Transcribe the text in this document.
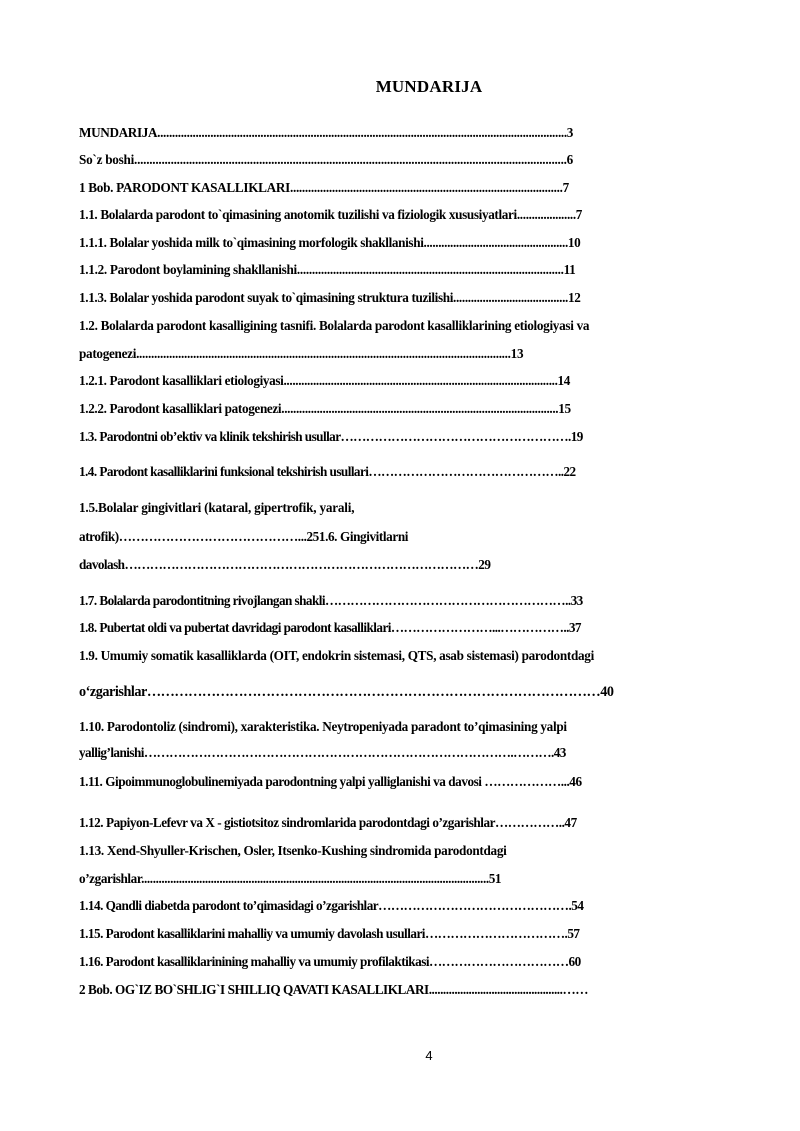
MUNDARIJA
MUNDARIJA...........................................................................................................................................3
So`z boshi..............................................................................................................................................6
1 Bob. PARODONT KASALLIKLARI...........................................................................................7
1.1. Bolalarda parodont to`qimasining anotomik tuzilishi va fiziologik xususiyatlari....................7
1.1.1. Bolalar yoshida milk to`qimasining morfologik shakllanishi.................................................10
1.1.2. Parodont boylamining shakllanishi.........................................................................................11
1.1.3. Bolalar yoshida parodont suyak to`qimasining struktura tuzilishi.......................................12
1.2. Bolalarda parodont kasalligining tasnifi. Bolalarda parodont kasalliklarining etiologiyasi va
patogenezi.............................................................................................................................13
1.2.1. Parodont kasalliklari etiologiyasi.............................................................................................14
1.2.2. Parodont kasalliklari patogenezi..............................................................................................15
1.3. Parodontni ob’ektiv va klinik tekshirish usullar……………………………………………….19
1.4. Parodont kasalliklarini funksional tekshirish usullari………………………………………..22
1.5.Bolalar gingivitlari (kataral, gipertrofik, yarali,
atrofik)……………………………………...251.6. Gingivitlarni
davolash…………………………………………………………………………29
1.7. Bolalarda parodontitning rivojlangan shakli…………………………………………………..33
1.8. Pubertat oldi va pubertat davridagi parodont kasalliklari……………………...……………..37
1.9. Umumiy somatik kasalliklarda (OIT, endokrin sistemasi, QTS, asab sistemasi) parodontdagi
o‘zgarishlar………………………………………………………………………………………40
1.10. Parodontoliz (sindromi), xarakteristika. Neytropeniyada paradont to’qimasining yalpi
yallig’lanishi…………………………………………………………………………….……….43
1.11. Gipoimmunoglobulinemiyada parodontning yalpi yalliglanishi va davosi ………………...46
1.12. Papiyon-Lefevr va X - gistiotsitoz sindromlarida parodontdagi o’zgarishlar……………..47
1.13. Xend-Shyuller-Krischen, Osler, Itsenko-Kushing sindromida parodontdagi
o’zgarishlar........................................................................................................................51
1.14. Qandli diabetda parodont to’qimasidagi o’zgarishlar……………………………………….54
1.15. Parodont kasalliklarini mahalliy va umumiy davolash usullari…………………………….57
1.16. Parodont kasalliklarinining mahalliy va umumiy profilaktikasi……………………………60
2 Bob. OG`IZ BO`SHLIG`I SHILLIQ QAVATI KASALLIKLARI...............................................……
4
